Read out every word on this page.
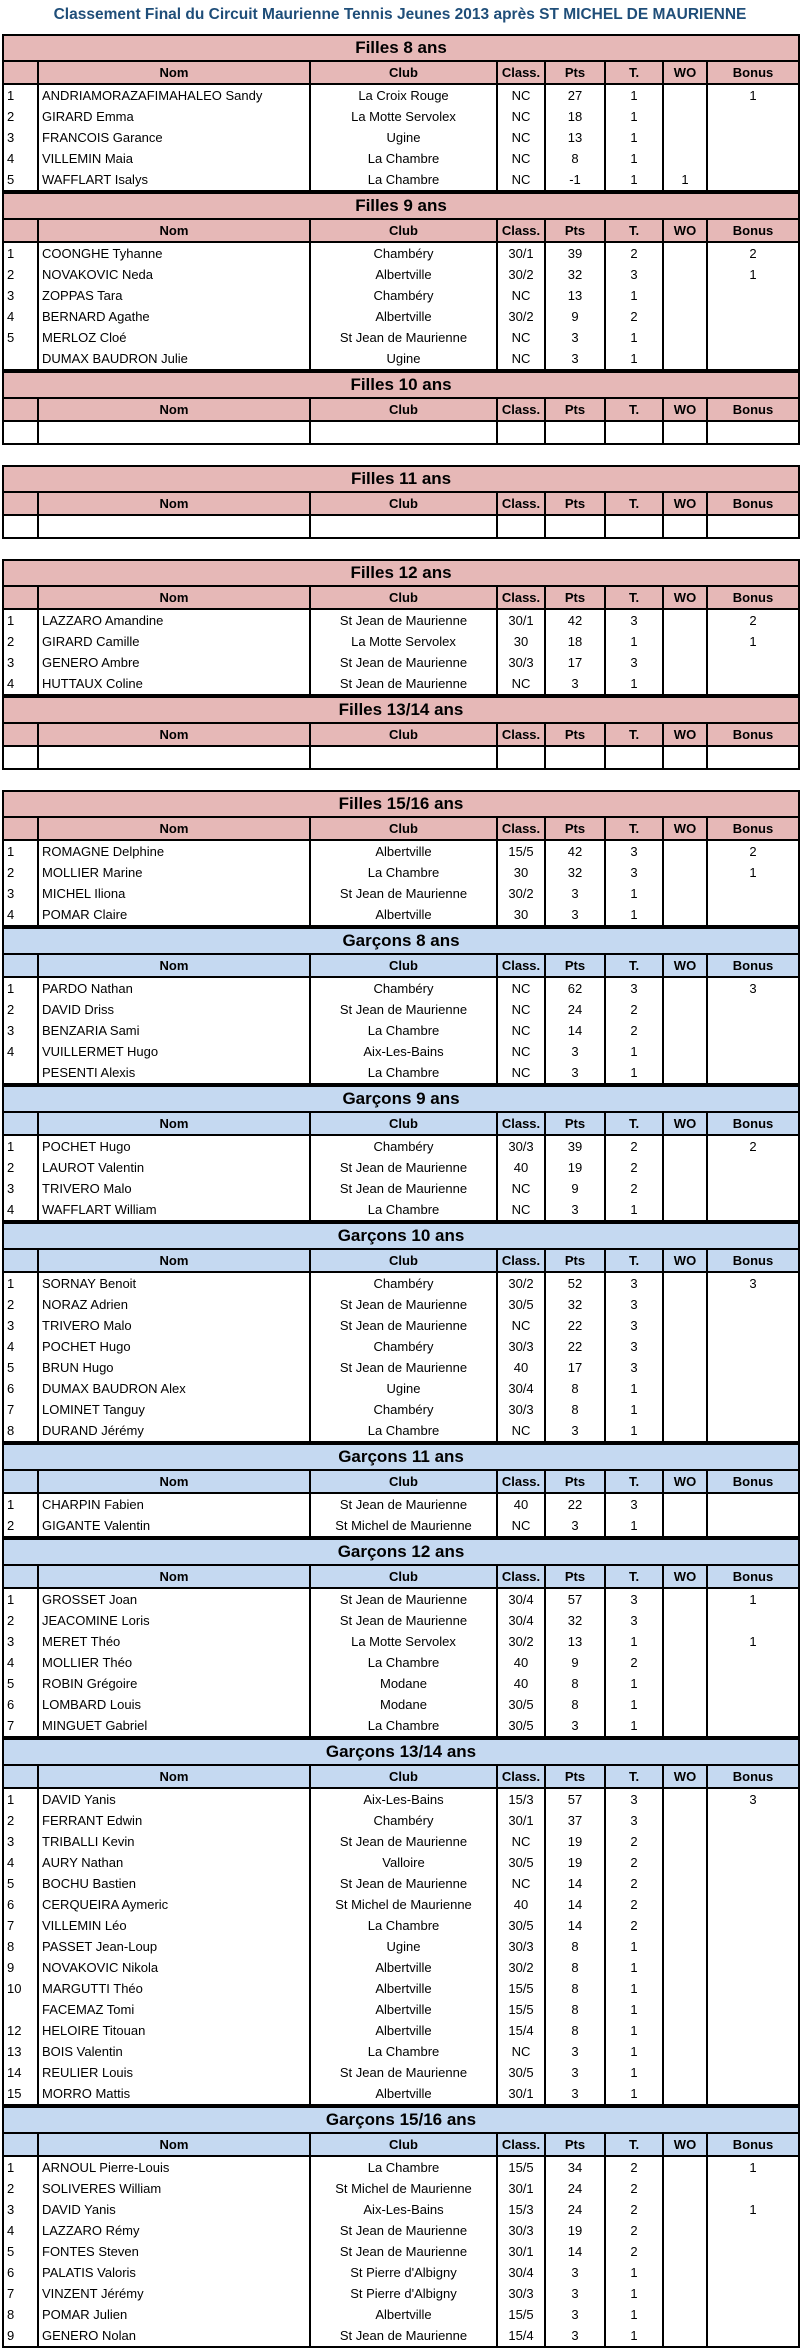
Classement Final du Circuit Maurienne Tennis Jeunes 2013 après ST MICHEL DE MAURIENNE
Filles 8 ans							
	Nom	Club	Class.	Pts	T.	WO	Bonus
1	ANDRIAMORAZAFIMAHALEO Sandy	La Croix Rouge	NC	27	1		1
2	GIRARD Emma	La Motte Servolex	NC	18	1		
3	FRANCOIS Garance	Ugine	NC	13	1		
4	VILLEMIN Maia	La Chambre	NC	8	1		
5	WAFFLART Isalys	La Chambre	NC	-1	1	1	
Filles 9 ans							
	Nom	Club	Class.	Pts	T.	WO	Bonus
1	COONGHE Tyhanne	Chambéry	30/1	39	2		2
2	NOVAKOVIC Neda	Albertville	30/2	32	3		1
3	ZOPPAS Tara	Chambéry	NC	13	1		
4	BERNARD Agathe	Albertville	30/2	9	2		
5	MERLOZ Cloé	St Jean de Maurienne	NC	3	1		
	DUMAX BAUDRON Julie	Ugine	NC	3	1		
Filles 10 ans							
	Nom	Club	Class.	Pts	T.	WO	Bonus

Filles 11 ans							
	Nom	Club	Class.	Pts	T.	WO	Bonus

Filles 12 ans							
	Nom	Club	Class.	Pts	T.	WO	Bonus
1	LAZZARO Amandine	St Jean de Maurienne	30/1	42	3		2
2	GIRARD Camille	La Motte Servolex	30	18	1		1
3	GENERO Ambre	St Jean de Maurienne	30/3	17	3		
4	HUTTAUX Coline	St Jean de Maurienne	NC	3	1		
Filles 13/14 ans							
	Nom	Club	Class.	Pts	T.	WO	Bonus

Filles 15/16 ans							
	Nom	Club	Class.	Pts	T.	WO	Bonus
1	ROMAGNE Delphine	Albertville	15/5	42	3		2
2	MOLLIER Marine	La Chambre	30	32	3		1
3	MICHEL Iliona	St Jean de Maurienne	30/2	3	1		
4	POMAR Claire	Albertville	30	3	1		
Garçons 8 ans							
	Nom	Club	Class.	Pts	T.	WO	Bonus
1	PARDO Nathan	Chambéry	NC	62	3		3
2	DAVID Driss	St Jean de Maurienne	NC	24	2		
3	BENZARIA Sami	La Chambre	NC	14	2		
4	VUILLERMET Hugo	Aix-Les-Bains	NC	3	1		
	PESENTI Alexis	La Chambre	NC	3	1		
Garçons 9 ans							
	Nom	Club	Class.	Pts	T.	WO	Bonus
1	POCHET Hugo	Chambéry	30/3	39	2		2
2	LAUROT Valentin	St Jean de Maurienne	40	19	2		
3	TRIVERO Malo	St Jean de Maurienne	NC	9	2		
4	WAFFLART William	La Chambre	NC	3	1		
Garçons 10 ans							
	Nom	Club	Class.	Pts	T.	WO	Bonus
1	SORNAY Benoit	Chambéry	30/2	52	3		3
2	NORAZ Adrien	St Jean de Maurienne	30/5	32	3		
3	TRIVERO Malo	St Jean de Maurienne	NC	22	3		
4	POCHET Hugo	Chambéry	30/3	22	3		
5	BRUN Hugo	St Jean de Maurienne	40	17	3		
6	DUMAX BAUDRON Alex	Ugine	30/4	8	1		
7	LOMINET Tanguy	Chambéry	30/3	8	1		
8	DURAND Jérémy	La Chambre	NC	3	1		
Garçons 11 ans							
	Nom	Club	Class.	Pts	T.	WO	Bonus
1	CHARPIN Fabien	St Jean de Maurienne	40	22	3		
2	GIGANTE Valentin	St Michel de Maurienne	NC	3	1		
Garçons 12 ans							
	Nom	Club	Class.	Pts	T.	WO	Bonus
1	GROSSET Joan	St Jean de Maurienne	30/4	57	3		1
2	JEACOMINE Loris	St Jean de Maurienne	30/4	32	3		
3	MERET Théo	La Motte Servolex	30/2	13	1		1
4	MOLLIER Théo	La Chambre	40	9	2		
5	ROBIN Grégoire	Modane	40	8	1		
6	LOMBARD Louis	Modane	30/5	8	1		
7	MINGUET Gabriel	La Chambre	30/5	3	1		
Garçons 13/14 ans							
	Nom	Club	Class.	Pts	T.	WO	Bonus
1	DAVID Yanis	Aix-Les-Bains	15/3	57	3		3
2	FERRANT Edwin	Chambéry	30/1	37	3		
3	TRIBALLI Kevin	St Jean de Maurienne	NC	19	2		
4	AURY Nathan	Valloire	30/5	19	2		
5	BOCHU Bastien	St Jean de Maurienne	NC	14	2		
6	CERQUEIRA Aymeric	St Michel de Maurienne	40	14	2		
7	VILLEMIN Léo	La Chambre	30/5	14	2		
8	PASSET Jean-Loup	Ugine	30/3	8	1		
9	NOVAKOVIC Nikola	Albertville	30/2	8	1		
10	MARGUTTI Théo	Albertville	15/5	8	1		
	FACEMAZ Tomi	Albertville	15/5	8	1		
12	HELOIRE Titouan	Albertville	15/4	8	1		
13	BOIS Valentin	La Chambre	NC	3	1		
14	REULIER Louis	St Jean de Maurienne	30/5	3	1		
15	MORRO Mattis	Albertville	30/1	3	1		
Garçons 15/16 ans							
	Nom	Club	Class.	Pts	T.	WO	Bonus
1	ARNOUL Pierre-Louis	La Chambre	15/5	34	2		1
2	SOLIVERES William	St Michel de Maurienne	30/1	24	2		
3	DAVID Yanis	Aix-Les-Bains	15/3	24	2		1
4	LAZZARO Rémy	St Jean de Maurienne	30/3	19	2		
5	FONTES Steven	St Jean de Maurienne	30/1	14	2		
6	PALATIS Valoris	St Pierre d'Albigny	30/4	3	1		
7	VINZENT Jérémy	St Pierre d'Albigny	30/3	3	1		
8	POMAR Julien	Albertville	15/5	3	1		
9	GENERO Nolan	St Jean de Maurienne	15/4	3	1		
